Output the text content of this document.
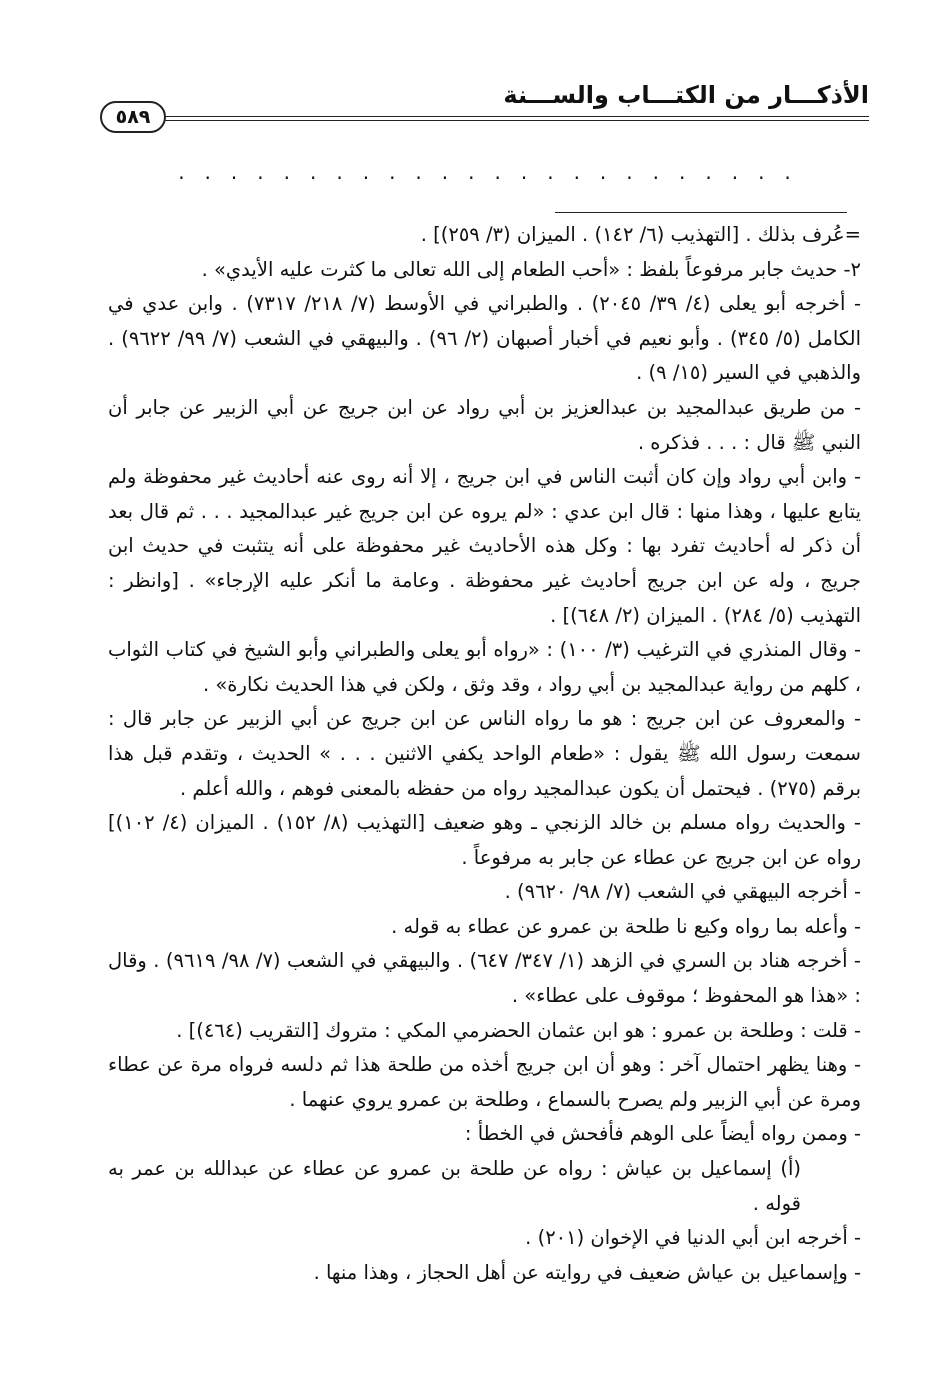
الأذكـــار من الكتـــاب والســـنة
٥٨٩
........................

=عُرف بذلك . [التهذيب (٦/ ١٤٢) . الميزان (٣/ ٢٥٩)] .

٢- حديث جابر مرفوعاً بلفظ : «أحب الطعام إلى الله تعالى ما كثرت عليه الأيدي» .

- أخرجه أبو يعلى (٤/ ٣٩/ ٢٠٤٥) . والطبراني في الأوسط (٧/ ٢١٨/ ٧٣١٧) . وابن عدي في الكامل (٥/ ٣٤٥) . وأبو نعيم في أخبار أصبهان (٢/ ٩٦) . والبيهقي في الشعب (٧/ ٩٩/ ٩٦٢٢) . والذهبي في السير (١٥/ ٩) .

- من طريق عبدالمجيد بن عبدالعزيز بن أبي رواد عن ابن جريج عن أبي الزبير عن جابر أن النبي ﷺ قال : . . . فذكره .

- وابن أبي رواد وإن كان أثبت الناس في ابن جريج ، إلا أنه روى عنه أحاديث غير محفوظة ولم يتابع عليها ، وهذا منها : قال ابن عدي : «لم يروه عن ابن جريج غير عبدالمجيد . . . ثم قال بعد أن ذكر له أحاديث تفرد بها : وكل هذه الأحاديث غير محفوظة على أنه يتثبت في حديث ابن جريج ، وله عن ابن جريج أحاديث غير محفوظة . وعامة ما أنكر عليه الإرجاء» . [وانظر : التهذيب (٥/ ٢٨٤) . الميزان (٢/ ٦٤٨)] .

- وقال المنذري في الترغيب (٣/ ١٠٠) : «رواه أبو يعلى والطبراني وأبو الشيخ في كتاب الثواب ، كلهم من رواية عبدالمجيد بن أبي رواد ، وقد وثق ، ولكن في هذا الحديث نكارة» .

- والمعروف عن ابن جريج : هو ما رواه الناس عن ابن جريج عن أبي الزبير عن جابر قال : سمعت رسول الله ﷺ يقول : «طعام الواحد يكفي الاثنين . . . » الحديث ، وتقدم قبل هذا برقم (٢٧٥) . فيحتمل أن يكون عبدالمجيد رواه من حفظه بالمعنى فوهم ، والله أعلم .

- والحديث رواه مسلم بن خالد الزنجي ـ وهو ضعيف [التهذيب (٨/ ١٥٢) . الميزان (٤/ ١٠٢)] رواه عن ابن جريج عن عطاء عن جابر به مرفوعاً .

- أخرجه البيهقي في الشعب (٧/ ٩٨/ ٩٦٢٠) .

- وأعله بما رواه وكيع نا طلحة بن عمرو عن عطاء به قوله .

- أخرجه هناد بن السري في الزهد (١/ ٣٤٧/ ٦٤٧) . والبيهقي في الشعب (٧/ ٩٨/ ٩٦١٩) . وقال : «هذا هو المحفوظ ؛ موقوف على عطاء» .

- قلت : وطلحة بن عمرو : هو ابن عثمان الحضرمي المكي : متروك [التقريب (٤٦٤)] .

- وهنا يظهر احتمال آخر : وهو أن ابن جريج أخذه من طلحة هذا ثم دلسه فرواه مرة عن عطاء ومرة عن أبي الزبير ولم يصرح بالسماع ، وطلحة بن عمرو يروي عنهما .

- وممن رواه أيضاً على الوهم فأفحش في الخطأ :

(أ) إسماعيل بن عياش : رواه عن طلحة بن عمرو عن عطاء عن عبدالله بن عمر به قوله .

- أخرجه ابن أبي الدنيا في الإخوان (٢٠١) .

- وإسماعيل بن عياش ضعيف في روايته عن أهل الحجاز ، وهذا منها .
